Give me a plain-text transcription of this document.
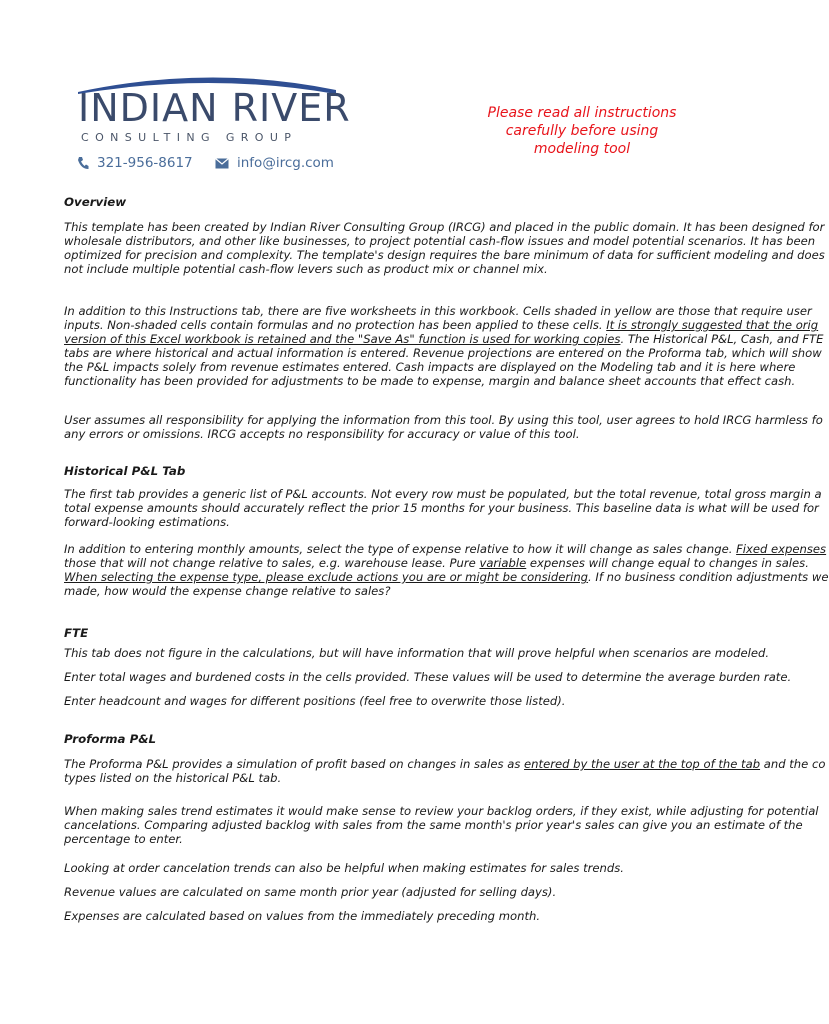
INDIAN RIVER

CONSULTING GROUP

321-956-8617	info@ircg.com
Please read all instructions
carefully before using
modeling tool

Overview

This template has been created by Indian River Consulting Group (IRCG) and placed in the public domain. It has been designed for
wholesale distributors, and other like businesses, to project potential cash-flow issues and model potential scenarios. It has been
optimized for precision and complexity. The template's design requires the bare minimum of data for sufficient modeling and does
not include multiple potential cash-flow levers such as product mix or channel mix.

In addition to this Instructions tab, there are five worksheets in this workbook. Cells shaded in yellow are those that require user
inputs. Non-shaded cells contain formulas and no protection has been applied to these cells. It is strongly suggested that the orig
version of this Excel workbook is retained and the "Save As" function is used for working copies. The Historical P&L, Cash, and FTE
tabs are where historical and actual information is entered. Revenue projections are entered on the Proforma tab, which will show
the P&L impacts solely from revenue estimates entered. Cash impacts are displayed on the Modeling tab and it is here where
functionality has been provided for adjustments to be made to expense, margin and balance sheet accounts that effect cash.

User assumes all responsibility for applying the information from this tool. By using this tool, user agrees to hold IRCG harmless fo
any errors or omissions. IRCG accepts no responsibility for accuracy or value of this tool.

Historical P&L Tab

The first tab provides a generic list of P&L accounts. Not every row must be populated, but the total revenue, total gross margin a
total expense amounts should accurately reflect the prior 15 months for your business. This baseline data is what will be used for
forward-looking estimations.

In addition to entering monthly amounts, select the type of expense relative to how it will change as sales change. Fixed expenses
those that will not change relative to sales, e.g. warehouse lease. Pure variable expenses will change equal to changes in sales.
When selecting the expense type, please exclude actions you are or might be considering. If no business condition adjustments we
made, how would the expense change relative to sales?

FTE

This tab does not figure in the calculations, but will have information that will prove helpful when scenarios are modeled.

Enter total wages and burdened costs in the cells provided. These values will be used to determine the average burden rate.

Enter headcount and wages for different positions (feel free to overwrite those listed).

Proforma P&L

The Proforma P&L provides a simulation of profit based on changes in sales as entered by the user at the top of the tab and the co
types listed on the historical P&L tab.

When making sales trend estimates it would make sense to review your backlog orders, if they exist, while adjusting for potential
cancelations. Comparing adjusted backlog with sales from the same month's prior year's sales can give you an estimate of the
percentage to enter.

Looking at order cancelation trends can also be helpful when making estimates for sales trends.

Revenue values are calculated on same month prior year (adjusted for selling days).

Expenses are calculated based on values from the immediately preceding month.
